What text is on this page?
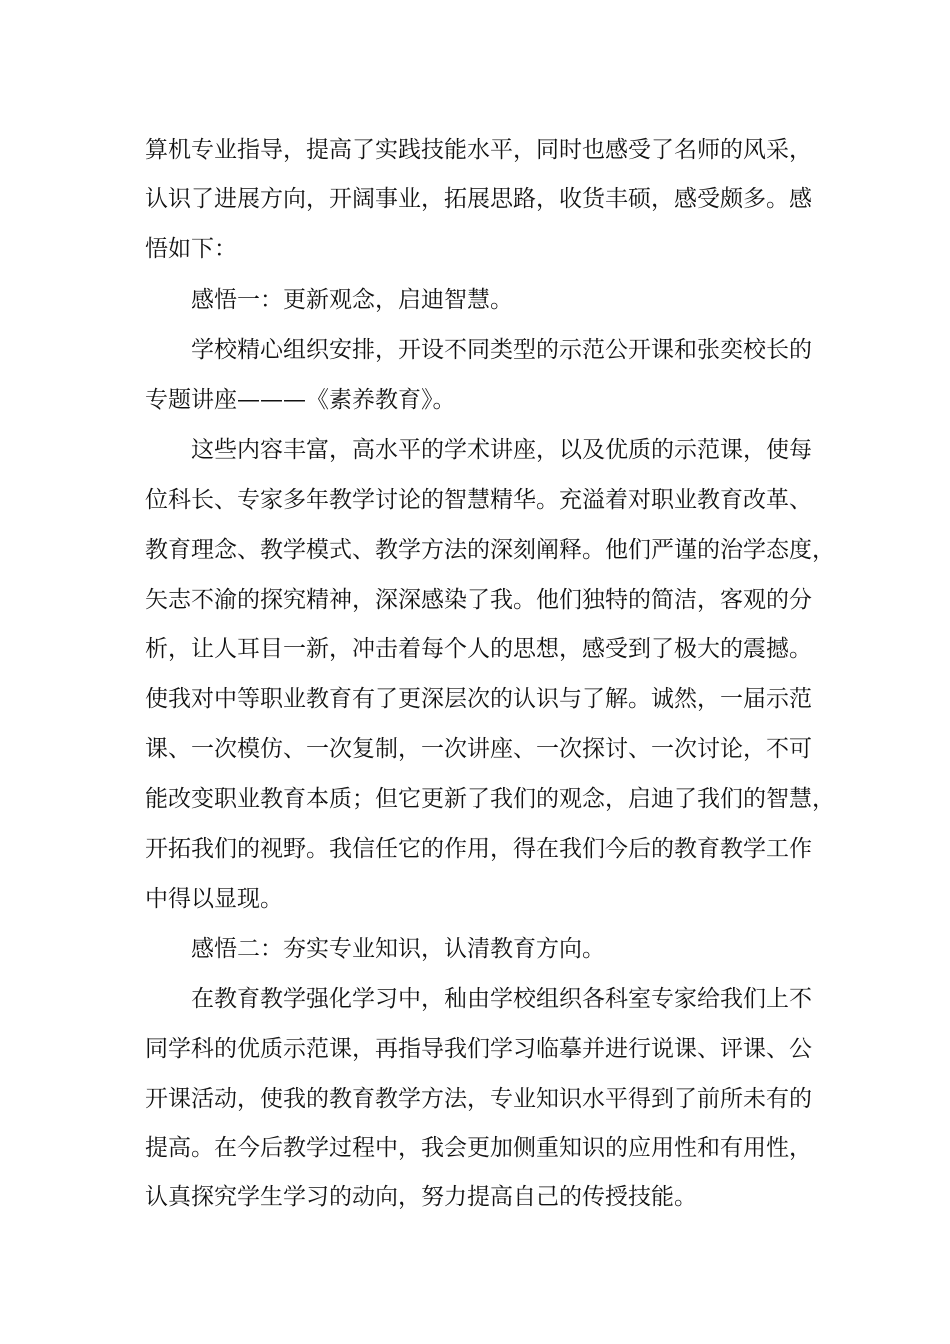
算机专业指导，提高了实践技能水平，同时也感受了名师的风采，

认识了进展方向，开阔事业，拓展思路，收货丰硕，感受颇多。感

悟如下：

感悟一：更新观念，启迪智慧。

学校精心组织安排，开设不同类型的示范公开课和张奕校长的

专题讲座———《素养教育》。

这些内容丰富，高水平的学术讲座，以及优质的示范课，使每

位科长、专家多年教学讨论的智慧精华。充溢着对职业教育改革、

教育理念、教学模式、教学方法的深刻阐释。他们严谨的治学态度，

矢志不渝的探究精神，深深感染了我。他们独特的简洁，客观的分

析，让人耳目一新，冲击着每个人的思想，感受到了极大的震撼。

使我对中等职业教育有了更深层次的认识与了解。诚然，一届示范

课、一次模仿、一次复制，一次讲座、一次探讨、一次讨论，不可

能改变职业教育本质；但它更新了我们的观念，启迪了我们的智慧，

开拓我们的视野。我信任它的作用，得在我们今后的教育教学工作

中得以显现。

感悟二：夯实专业知识，认清教育方向。

在教育教学强化学习中，秈由学校组织各科室专家给我们上不

同学科的优质示范课，再指导我们学习临摹并进行说课、评课、公

开课活动，使我的教育教学方法，专业知识水平得到了前所未有的

提高。在今后教学过程中，我会更加侧重知识的应用性和有用性，

认真探究学生学习的动向，努力提高自己的传授技能。
